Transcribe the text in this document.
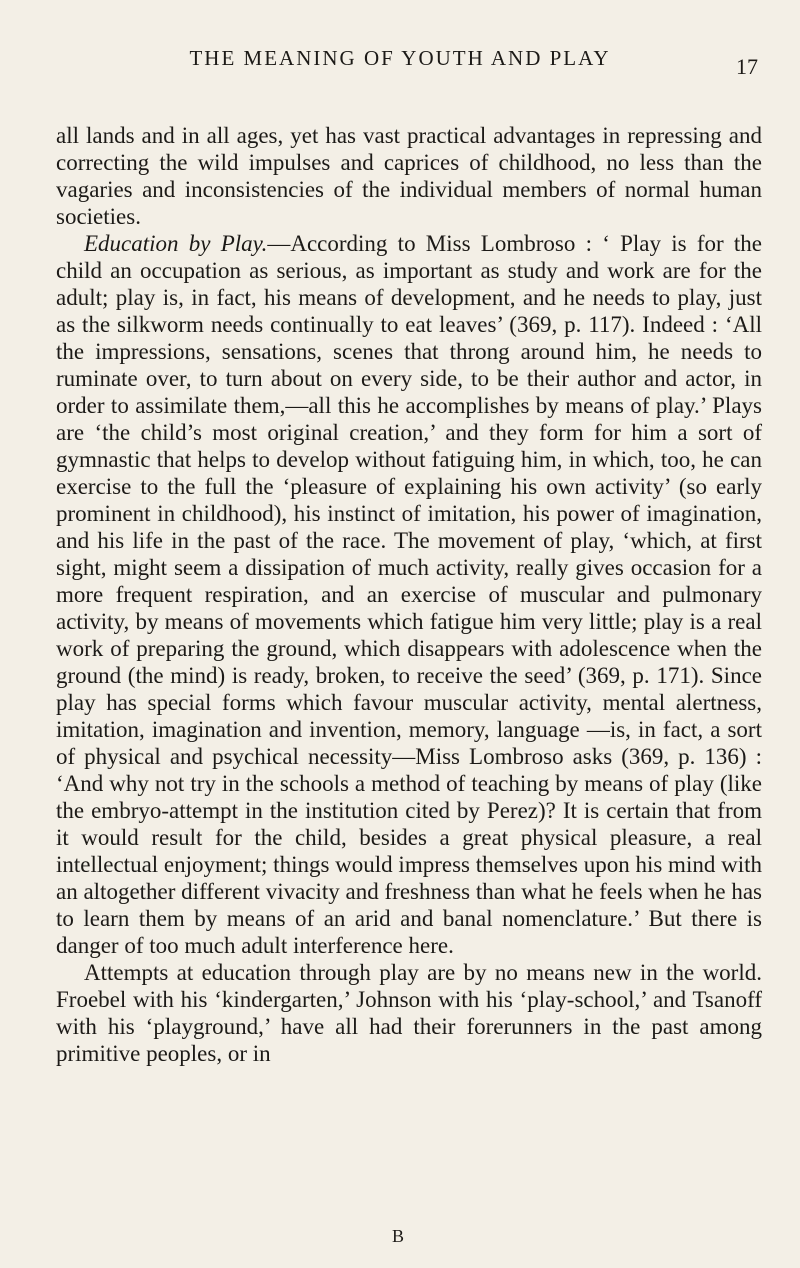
THE MEANING OF YOUTH AND PLAY	17

all lands and in all ages, yet has vast practical advantages in repressing and correcting the wild impulses and caprices of childhood, no less than the vagaries and inconsistencies of the individual members of normal human societies.

Education by Play.—According to Miss Lombroso : ‘ Play is for the child an occupation as serious, as important as study and work are for the adult; play is, in fact, his means of development, and he needs to play, just as the silkworm needs continually to eat leaves’ (369, p. 117). Indeed : ‘All the impressions, sensations, scenes that throng around him, he needs to ruminate over, to turn about on every side, to be their author and actor, in order to assimilate them,—all this he accomplishes by means of play.’ Plays are ‘the child’s most original creation,’ and they form for him a sort of gymnastic that helps to develop without fatiguing him, in which, too, he can exercise to the full the ‘pleasure of explaining his own activity’ (so early prominent in childhood), his instinct of imitation, his power of imagination, and his life in the past of the race. The movement of play, ‘which, at first sight, might seem a dissipation of much activity, really gives occasion for a more frequent respiration, and an exercise of muscular and pulmonary activity, by means of movements which fatigue him very little; play is a real work of preparing the ground, which disappears with adolescence when the ground (the mind) is ready, broken, to receive the seed’ (369, p. 171). Since play has special forms which favour muscular activity, mental alertness, imitation, imagination and invention, memory, language —is, in fact, a sort of physical and psychical necessity—Miss Lombroso asks (369, p. 136) : ‘And why not try in the schools a method of teaching by means of play (like the embryo-attempt in the institution cited by Perez)? It is certain that from it would result for the child, besides a great physical pleasure, a real intellectual enjoyment; things would impress themselves upon his mind with an altogether different vivacity and freshness than what he feels when he has to learn them by means of an arid and banal nomenclature.’ But there is danger of too much adult interference here.

Attempts at education through play are by no means new in the world. Froebel with his ‘kindergarten,’ Johnson with his ‘play-school,’ and Tsanoff with his ‘playground,’ have all had their forerunners in the past among primitive peoples, or in

B
